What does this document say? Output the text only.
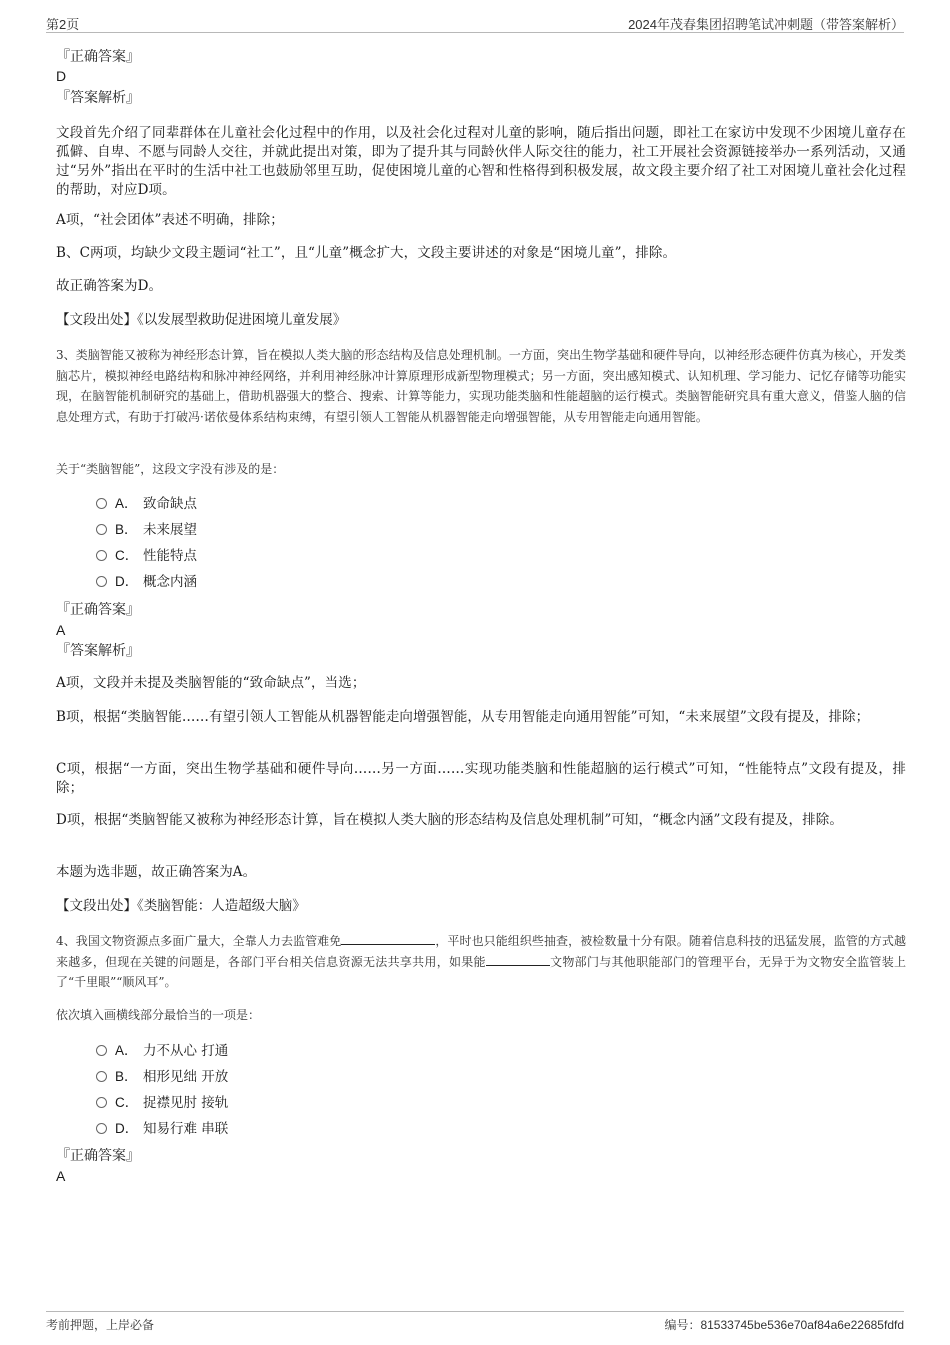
第2页	2024年茂春集团招聘笔试冲刺题（带答案解析）
『正确答案』
D
『答案解析』
文段首先介绍了同辈群体在儿童社会化过程中的作用，以及社会化过程对儿童的影响，随后指出问题，即社工在家访中发现不少困境儿童存在孤僻、自卑、不愿与同龄人交往，并就此提出对策，即为了提升其与同龄伙伴人际交往的能力，社工开展社会资源链接举办一系列活动，又通过“另外”指出在平时的生活中社工也鼓励邻里互助，促使困境儿童的心智和性格得到积极发展，故文段主要介绍了社工对困境儿童社会化过程的帮助，对应D项。
A项，“社会团体”表述不明确，排除；
B、C两项，均缺少文段主题词“社工”，且“儿童”概念扩大，文段主要讲述的对象是“困境儿童”，排除。
故正确答案为D。
【文段出处】《以发展型救助促进困境儿童发展》
3、类脑智能又被称为神经形态计算，旨在模拟人类大脑的形态结构及信息处理机制。一方面，突出生物学基础和硬件导向，以神经形态硬件仿真为核心，开发类脑芯片，模拟神经电路结构和脉冲神经网络，并利用神经脉冲计算原理形成新型物理模式；另一方面，突出感知模式、认知机理、学习能力、记忆存储等功能实现，在脑智能机制研究的基础上，借助机器强大的整合、搜索、计算等能力，实现功能类脑和性能超脑的运行模式。类脑智能研究具有重大意义，借鉴人脑的信息处理方式，有助于打破冯·诺依曼体系结构束缚，有望引领人工智能从机器智能走向增强智能，从专用智能走向通用智能。
关于“类脑智能”，这段文字没有涉及的是：
A． 致命缺点
B． 未来展望
C． 性能特点
D． 概念内涵
『正确答案』
A
『答案解析』
A项，文段并未提及类脑智能的“致命缺点”，当选；
B项，根据“类脑智能……有望引领人工智能从机器智能走向增强智能，从专用智能走向通用智能”可知，“未来展望”文段有提及，排除；
C项，根据“一方面，突出生物学基础和硬件导向……另一方面……实现功能类脑和性能超脑的运行模式”可知，“性能特点”文段有提及，排除；
D项，根据“类脑智能又被称为神经形态计算，旨在模拟人类大脑的形态结构及信息处理机制”可知，“概念内涵”文段有提及，排除。
本题为选非题，故正确答案为A。
【文段出处】《类脑智能：人造超级大脑》
4、我国文物资源点多面广量大，全靠人力去监管难免	，平时也只能组织些抽查，被检数量十分有限。随着信息科技的迅猛发展，监管的方式越来越多，但现在关键的问题是，各部门平台相关信息资源无法共享共用，如果能	文物部门与其他职能部门的管理平台，无异于为文物安全监管装上了“千里眼”“顺风耳”。
依次填入画横线部分最恰当的一项是：
A． 力不从心 打通
B． 相形见绌 开放
C． 捉襟见肘 接轨
D． 知易行难 串联
『正确答案』
A
考前押题，上岸必备	编号：81533745be536e70af84a6e22685fdfd
